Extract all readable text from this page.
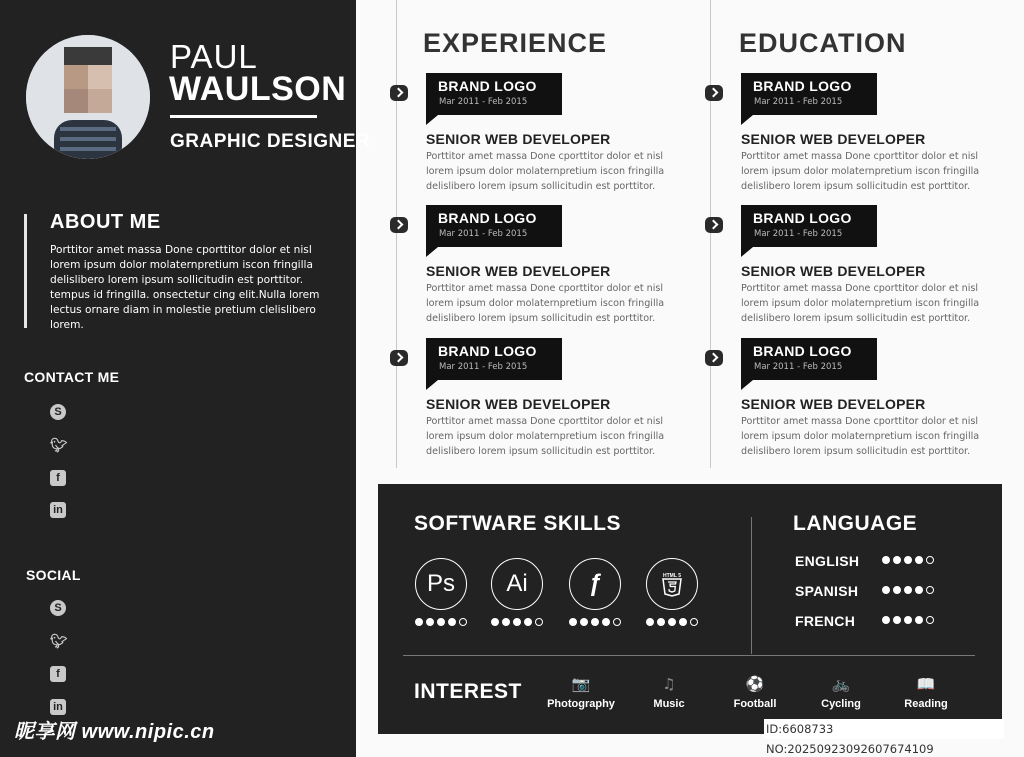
PAUL
WAULSON
GRAPHIC DESIGNER
ABOUT ME
Porttitor amet massa Done cporttitor dolor et nisl lorem ipsum dolor molaternpretium iscon fringilla delislibero lorem ipsum sollicitudin est porttitor. tempus id fringilla. onsectetur cing elit.Nulla lorem lectus ornare diam in molestie pretium clelislibero lorem.
CONTACT ME
S
🐦︎
f
in
SOCIAL
S
🐦︎
f
in
昵享网 www.nipic.cn
EXPERIENCE	EDUCATION
BRAND LOGO
Mar 2011 - Feb 2015
SENIOR WEB DEVELOPER
Porttitor amet massa Done cporttitor dolor et nisl lorem ipsum dolor molaternpretium iscon fringilla delislibero lorem ipsum sollicitudin est porttitor.
BRAND LOGO
Mar 2011 - Feb 2015
SENIOR WEB DEVELOPER
Porttitor amet massa Done cporttitor dolor et nisl lorem ipsum dolor molaternpretium iscon fringilla delislibero lorem ipsum sollicitudin est porttitor.
BRAND LOGO
Mar 2011 - Feb 2015
SENIOR WEB DEVELOPER
Porttitor amet massa Done cporttitor dolor et nisl lorem ipsum dolor molaternpretium iscon fringilla delislibero lorem ipsum sollicitudin est porttitor.
BRAND LOGO
Mar 2011 - Feb 2015
SENIOR WEB DEVELOPER
Porttitor amet massa Done cporttitor dolor et nisl lorem ipsum dolor molaternpretium iscon fringilla delislibero lorem ipsum sollicitudin est porttitor.
BRAND LOGO
Mar 2011 - Feb 2015
SENIOR WEB DEVELOPER
Porttitor amet massa Done cporttitor dolor et nisl lorem ipsum dolor molaternpretium iscon fringilla delislibero lorem ipsum sollicitudin est porttitor.
BRAND LOGO
Mar 2011 - Feb 2015
SENIOR WEB DEVELOPER
Porttitor amet massa Done cporttitor dolor et nisl lorem ipsum dolor molaternpretium iscon fringilla delislibero lorem ipsum sollicitudin est porttitor.
SOFTWARE SKILLS
Ps	Ai	ƒ	HTML 5
LANGUAGE
ENGLISH
SPANISH
FRENCH
INTEREST	📷
Photography
♫
Music
⚽
Football
🚲
Cycling
📖
Reading
ID:6608733 NO:20250923092607674109
